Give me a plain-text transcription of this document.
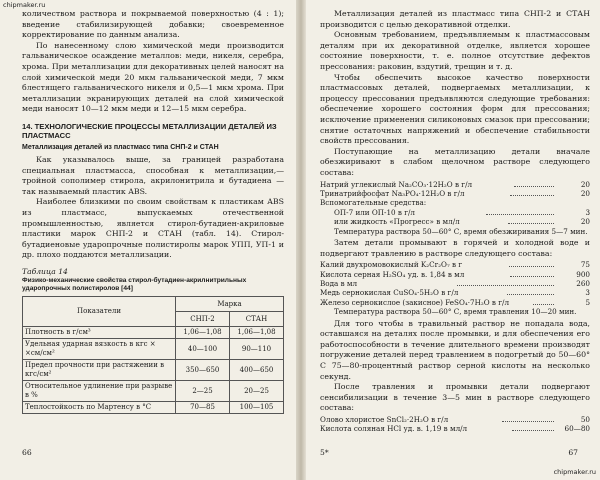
chipmaker.ru

количеством раствора и покрываемой поверхностью (4 : 1); введение стабилизирующей добавки; своевременное корректирование по данным анализа.

По нанесенному слою химической меди производится гальваническое осаждение металлов: меди, никеля, серебра, хрома. При металлизации для декоративных целей наносят на слой химической меди 20 мкм гальванической меди, 7 мкм блестящего гальванического никеля и 0,5—1 мкм хрома. При металлизации экранирующих деталей на слой химической меди наносят 10—12 мкм меди и 12—15 мкм серебра.

14. ТЕХНОЛОГИЧЕСКИЕ ПРОЦЕССЫ МЕТАЛЛИЗАЦИИ ДЕТАЛЕЙ ИЗ ПЛАСТМАСС
Металлизация деталей из пластмасс типа СНП-2 и СТАН

Как указывалось выше, за границей разработана специальная пластмасса, способная к металлизации,— тройной сополимер стирола, акрилонитрила и бутадиена — так называемый пластик ABS.

Наиболее близкими по своим свойствам к пластикам ABS из пластмасс, выпускаемых отечественной промышленностью, является стирол-бутадиен-акриловые пластики марок СНП-2 и СТАН (табл. 14). Стирол-бутадиеновые ударопрочные полистиролы марок УПП, УП-1 и др. плохо поддаются металлизации.

Таблица 14
Физико-механические свойства стирол-бутадиен-акрилнитрильных ударопрочных полистиролов [44]
Показатели	Марка	
	СНП-2	СТАН
Плотность в г/см³	1,06—1,08	1,06—1,08
Удельная ударная вязкость в кгс × ×см/см²	40—100	90—110
Предел прочности при растяжении в кгс/см²	350—650	400—650
Относительное удлинение при разрыве в %	2—25	20—25
Теплостойкость по Мартенсу в °С	70—85	100—105
66

Металлизация деталей из пластмасс типа СНП-2 и СТАН производится с целью декоративной отделки.

Основным требованием, предъявляемым к пластмассовым деталям при их декоративной отделке, является хорошее состояние поверхности, т. е. полное отсутствие дефектов прессования: раковин, вздутий, трещин и т. д.

Чтобы обеспечить высокое качество поверхности пластмассовых деталей, подвергаемых металлизации, к процессу прессования предъявляются следующие требования: обеспечение хорошего состояния форм для прессования; исключение применения силиконовых смазок при прессовании; снятие остаточных напряжений и обеспечение стабильности свойств прессования.

Поступающие на металлизацию детали вначале обезжиривают в слабом щелочном растворе следующего состава:

Натрий углекислый Na₂CO₃·12H₂O в г/л	20
Тринатрийфосфат Na₃PO₄·12H₂O в г/л	20
Вспомогательные средства:
ОП-7 или ОП-10 в г/л	3
или жидкость «Прогресс» в мл/л	20
Температура раствора 50—60° С, время обезжиривания 5—7 мин.

Затем детали промывают в горячей и холодной воде и подвергают травлению в растворе следующего состава:

Калий двухромовокислый K₂Cr₂O₇ в г	75
Кислота серная H₂SO₄ уд. в. 1,84 в мл	900
Вода в мл	260
Медь сернокислая CuSO₄·5H₂O в г/л	3
Железо сернокислое (закисное) FeSO₄·7H₂O в г/л	5
Температура раствора 50—60° С, время травления 10—20 мин.

Для того чтобы в травильный раствор не попадала вода, оставшаяся на деталях после промывки, и для обеспечения его работоспособности в течение длительного времени производят погружение деталей перед травлением в подогретый до 50—60° С 75—80-процентный раствор серной кислоты на несколько секунд.

После травления и промывки детали подвергают сенсибилизации в течение 3—5 мин в растворе следующего состава:

Олово хлористое SnCl₂·2H₂O в г/л	50
Кислота соляная HCl уд. в. 1,19 в мл/л	60—80
5*	67
chipmaker.ru
